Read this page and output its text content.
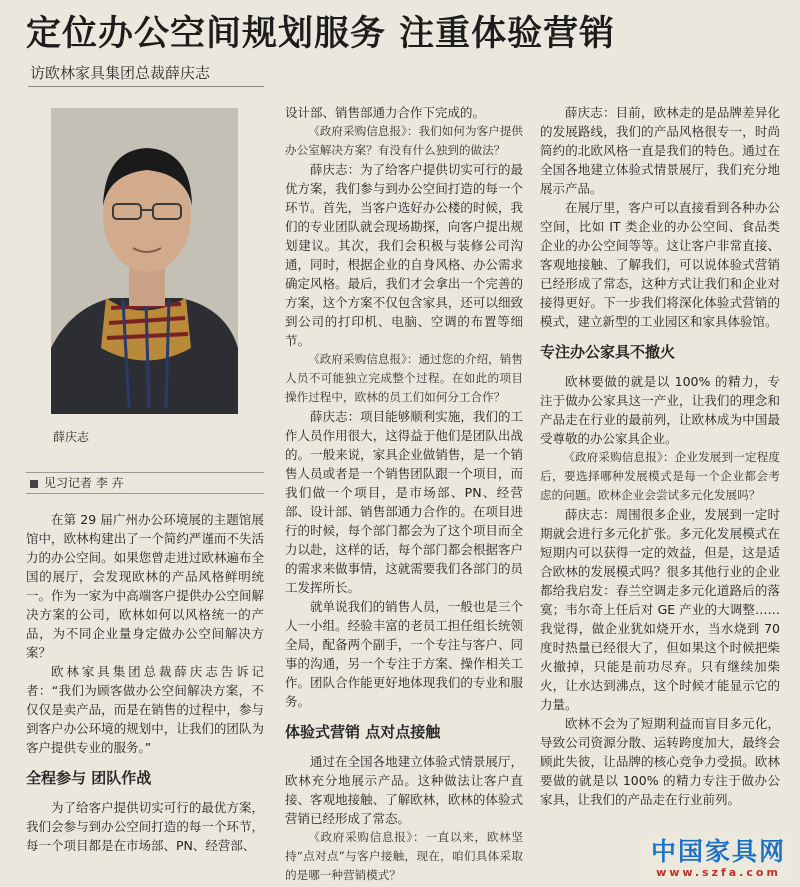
定位办公空间规划服务 注重体验营销
访欧林家具集团总裁薛庆志
薛庆志
见习记者 李 卉

在第 29 届广州办公环境展的主题馆展馆中，欧林构建出了一个简约严谨而不失活力的办公空间。如果您曾走进过欧林遍布全国的展厅，会发现欧林的产品风格鲜明统一。作为一家为中高端客户提供办公空间解决方案的公司，欧林如何以风格统一的产品，为不同企业量身定做办公空间解决方案？

欧林家具集团总裁薛庆志告诉记者：“我们为顾客做办公空间解决方案，不仅仅是卖产品，而是在销售的过程中，参与到客户办公环境的规划中，让我们的团队为客户提供专业的服务。”

全程参与 团队作战

为了给客户提供切实可行的最优方案，我们会参与到办公空间打造的每一个环节，每一个项目都是在市场部、PN、经营部、

设计部、销售部通力合作下完成的。

《政府采购信息报》：我们如何为客户提供办公室解决方案？有没有什么独到的做法？

薛庆志：为了给客户提供切实可行的最优方案，我们参与到办公空间打造的每一个环节。首先，当客户选好办公楼的时候，我们的专业团队就会现场勘探，向客户提出规划建议。其次，我们会积极与装修公司沟通，同时，根据企业的自身风格、办公需求确定风格。最后，我们才会拿出一个完善的方案，这个方案不仅包含家具，还可以细致到公司的打印机、电脑、空调的布置等细节。

《政府采购信息报》：通过您的介绍，销售人员不可能独立完成整个过程。在如此的项目操作过程中，欧林的员工们如何分工合作？

薛庆志：项目能够顺利实施，我们的工作人员作用很大，这得益于他们是团队出战的。一般来说，家具企业做销售，是一个销售人员或者是一个销售团队跟一个项目，而我们做一个项目，是市场部、PN、经营部、设计部、销售部通力合作的。在项目进行的时候，每个部门都会为了这个项目而全力以赴，这样的话，每个部门都会根据客户的需求来做事情，这就需要我们各部门的员工发挥所长。

就单说我们的销售人员，一般也是三个人一小组。经验丰富的老员工担任组长统领全局，配备两个副手，一个专注与客户、同事的沟通，另一个专注于方案、操作相关工作。团队合作能更好地体现我们的专业和服务。

体验式营销 点对点接触

通过在全国各地建立体验式情景展厅，欧林充分地展示产品。这种做法让客户直接、客观地接触、了解欧林，欧林的体验式营销已经形成了常态。

《政府采购信息报》：一直以来，欧林坚持“点对点”与客户接触，现在，咱们具体采取的是哪一种营销模式？

薛庆志：目前，欧林走的是品牌差异化的发展路线，我们的产品风格很专一，时尚简约的北欧风格一直是我们的特色。通过在全国各地建立体验式情景展厅，我们充分地展示产品。

在展厅里，客户可以直接看到各种办公空间，比如 IT 类企业的办公空间、食品类企业的办公空间等等。这让客户非常直接、客观地接触、了解我们，可以说体验式营销已经形成了常态，这种方式让我们和企业对接得更好。下一步我们将深化体验式营销的模式，建立新型的工业园区和家具体验馆。

专注办公家具不撤火

欧林要做的就是以 100% 的精力，专注于做办公家具这一产业，让我们的理念和产品走在行业的最前列，让欧林成为中国最受尊敬的办公家具企业。

《政府采购信息报》：企业发展到一定程度后，要选择哪种发展模式是每一个企业都会考虑的问题。欧林企业会尝试多元化发展吗？

薛庆志：周围很多企业，发展到一定时期就会进行多元化扩张。多元化发展模式在短期内可以获得一定的效益，但是，这是适合欧林的发展模式吗？很多其他行业的企业都给我启发：春兰空调走多元化道路后的落寞；韦尔奇上任后对 GE 产业的大调整……我觉得，做企业犹如烧开水，当水烧到 70 度时热量已经很大了，但如果这个时候把柴火撤掉，只能是前功尽弃。只有继续加柴火，让水达到沸点，这个时候才能显示它的力量。

欧林不会为了短期利益而盲目多元化，导致公司资源分散、运转跨度加大，最终会顾此失彼，让品牌的核心竞争力受损。欧林要做的就是以 100% 的精力专注于做办公家具，让我们的产品走在行业前列。

中国家具网
www.szfa.com
